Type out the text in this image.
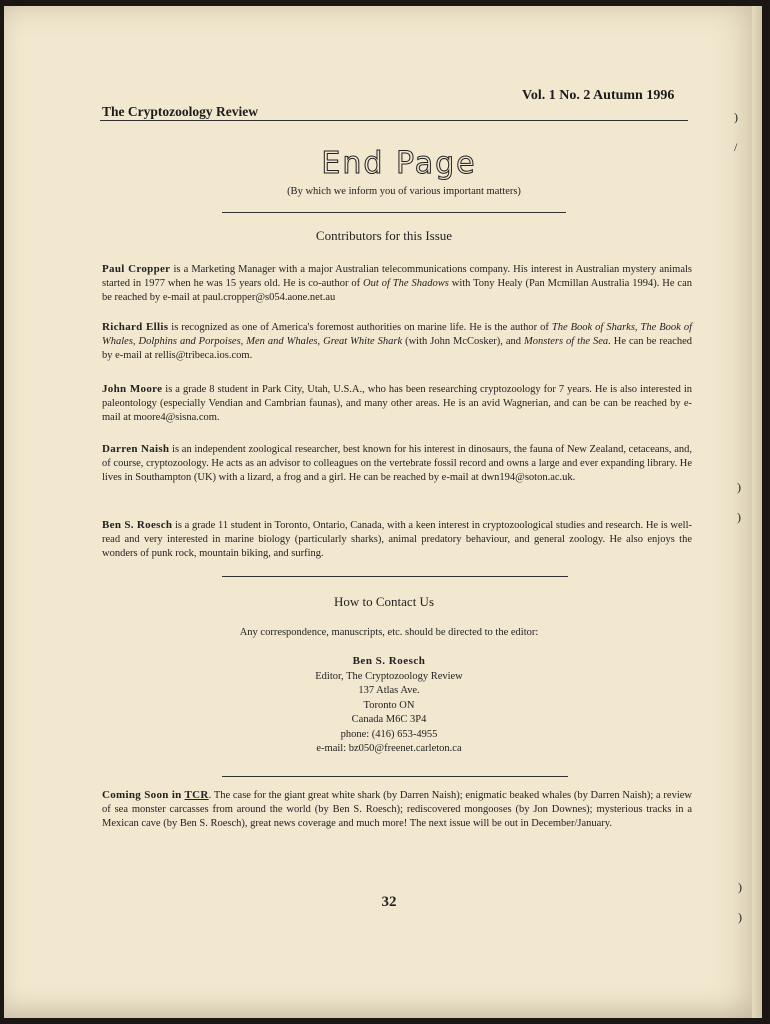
The Cryptozoology Review
Vol. 1 No. 2 Autumn 1996
End Page
(By which we inform you of various important matters)
Contributors for this Issue
Paul Cropper is a Marketing Manager with a major Australian telecommunications company. His interest in Australian mystery animals started in 1977 when he was 15 years old. He is co-author of Out of The Shadows with Tony Healy (Pan Mcmillan Australia 1994). He can be reached by e-mail at paul.cropper@s054.aone.net.au
Richard Ellis is recognized as one of America's foremost authorities on marine life. He is the author of The Book of Sharks, The Book of Whales, Dolphins and Porpoises, Men and Whales, Great White Shark (with John McCosker), and Monsters of the Sea. He can be reached by e-mail at rellis@tribeca.ios.com.
John Moore is a grade 8 student in Park City, Utah, U.S.A., who has been researching cryptozoology for 7 years. He is also interested in paleontology (especially Vendian and Cambrian faunas), and many other areas. He is an avid Wagnerian, and can be can be reached by e-mail at moore4@sisna.com.
Darren Naish is an independent zoological researcher, best known for his interest in dinosaurs, the fauna of New Zealand, cetaceans, and, of course, cryptozoology. He acts as an advisor to colleagues on the vertebrate fossil record and owns a large and ever expanding library. He lives in Southampton (UK) with a lizard, a frog and a girl. He can be reached by e-mail at dwn194@soton.ac.uk.
Ben S. Roesch is a grade 11 student in Toronto, Ontario, Canada, with a keen interest in cryptozoological studies and research. He is well-read and very interested in marine biology (particularly sharks), animal predatory behaviour, and general zoology. He also enjoys the wonders of punk rock, mountain biking, and surfing.
How to Contact Us
Any correspondence, manuscripts, etc. should be directed to the editor:
Ben S. Roesch
Editor, The Cryptozoology Review
137 Atlas Ave.
Toronto ON
Canada M6C 3P4
phone: (416) 653-4955
e-mail: bz050@freenet.carleton.ca
Coming Soon in TCR. The case for the giant great white shark (by Darren Naish); enigmatic beaked whales (by Darren Naish); a review of sea monster carcasses from around the world (by Ben S. Roesch); rediscovered mongooses (by Jon Downes); mysterious tracks in a Mexican cave (by Ben S. Roesch), great news coverage and much more! The next issue will be out in December/January.
32
)
/
)
)
)
)
